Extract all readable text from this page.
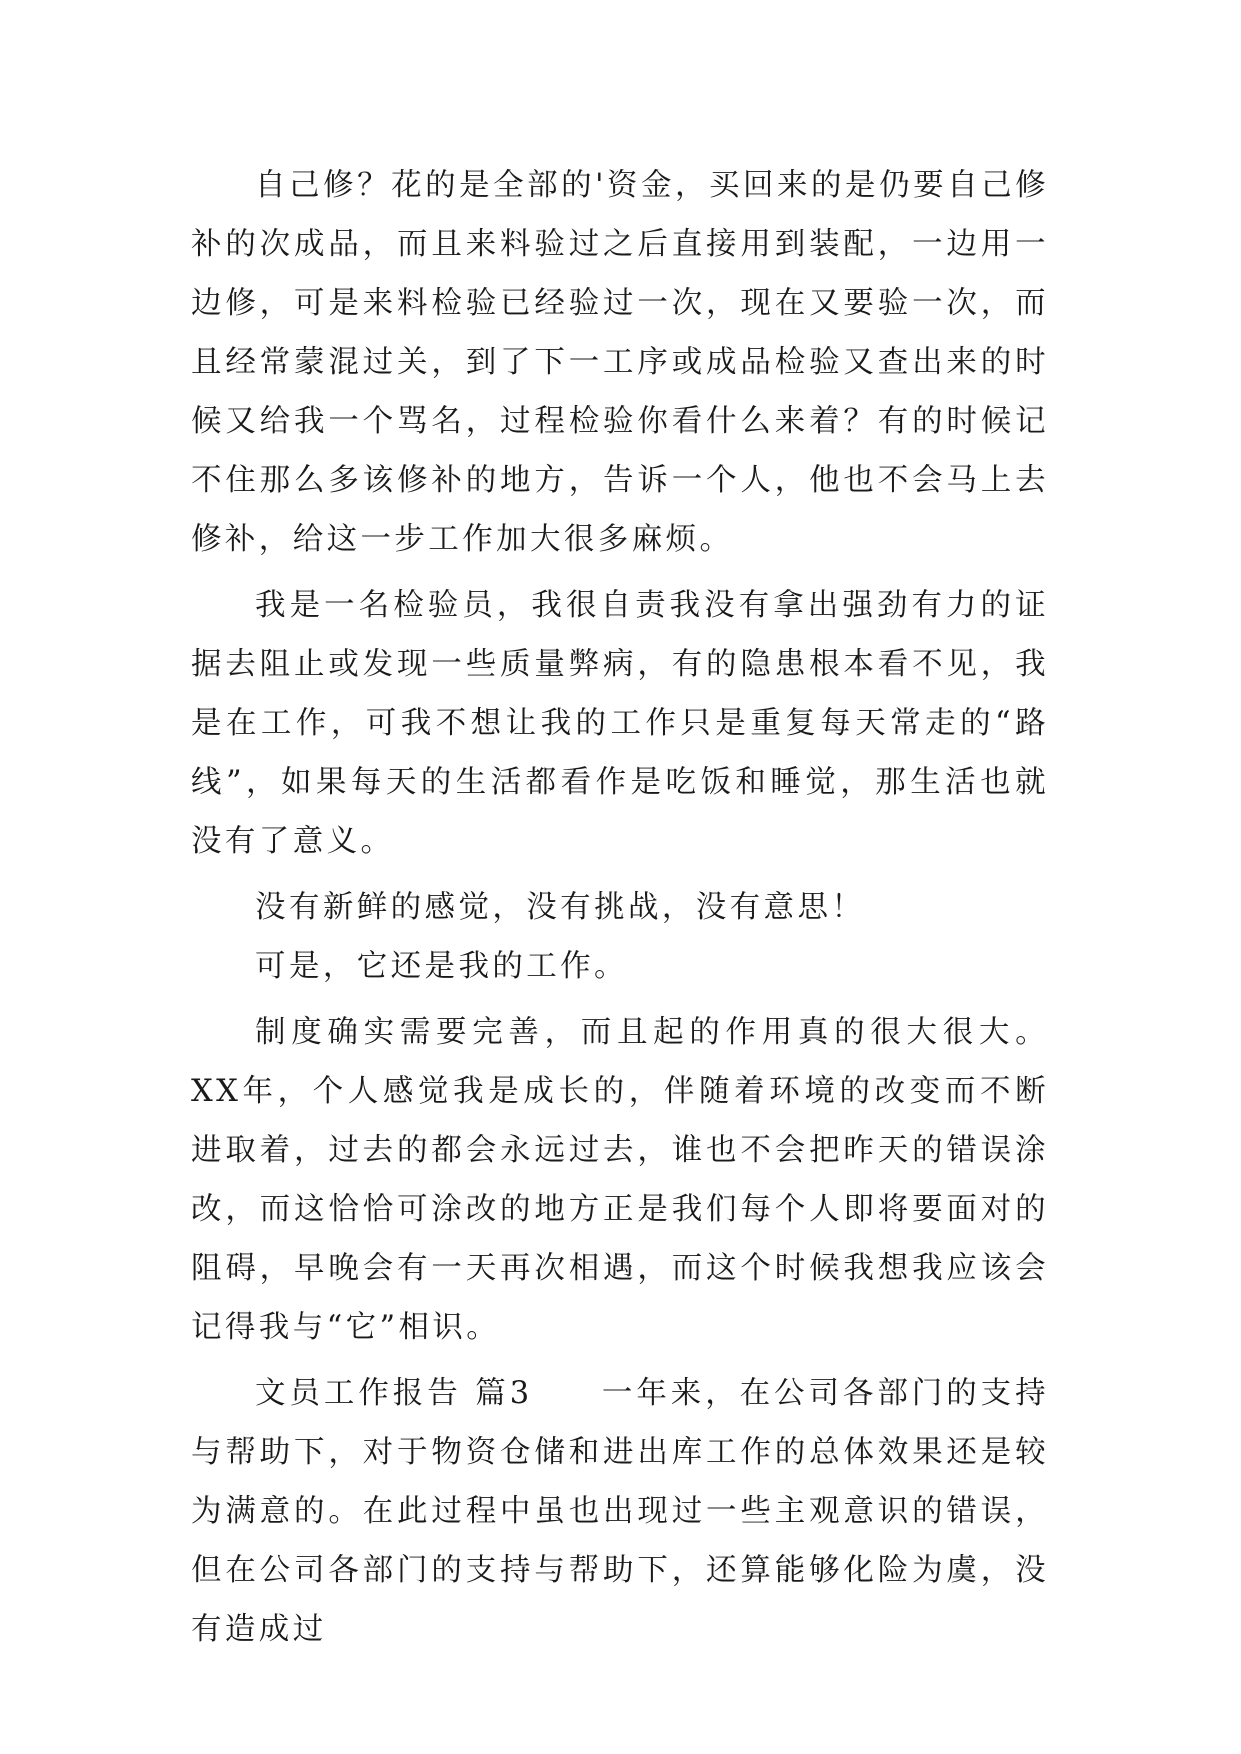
自己修？花的是全部的'资金，买回来的是仍要自己修补的次成品，而且来料验过之后直接用到装配，一边用一边修，可是来料检验已经验过一次，现在又要验一次，而且经常蒙混过关，到了下一工序或成品检验又查出来的时候又给我一个骂名，过程检验你看什么来着？有的时候记不住那么多该修补的地方，告诉一个人，他也不会马上去修补，给这一步工作加大很多麻烦。

我是一名检验员，我很自责我没有拿出强劲有力的证据去阻止或发现一些质量弊病，有的隐患根本看不见，我是在工作，可我不想让我的工作只是重复每天常走的“路线”，如果每天的生活都看作是吃饭和睡觉，那生活也就没有了意义。

没有新鲜的感觉，没有挑战，没有意思！

可是，它还是我的工作。

制度确实需要完善，而且起的作用真的很大很大。XX年，个人感觉我是成长的，伴随着环境的改变而不断进取着，过去的都会永远过去，谁也不会把昨天的错误涂改，而这恰恰可涂改的地方正是我们每个人即将要面对的阻碍，早晚会有一天再次相遇，而这个时候我想我应该会记得我与“它”相识。

文员工作报告 篇3　　一年来，在公司各部门的支持与帮助下，对于物资仓储和进出库工作的总体效果还是较为满意的。在此过程中虽也出现过一些主观意识的错误，但在公司各部门的支持与帮助下，还算能够化险为虞，没有造成过
